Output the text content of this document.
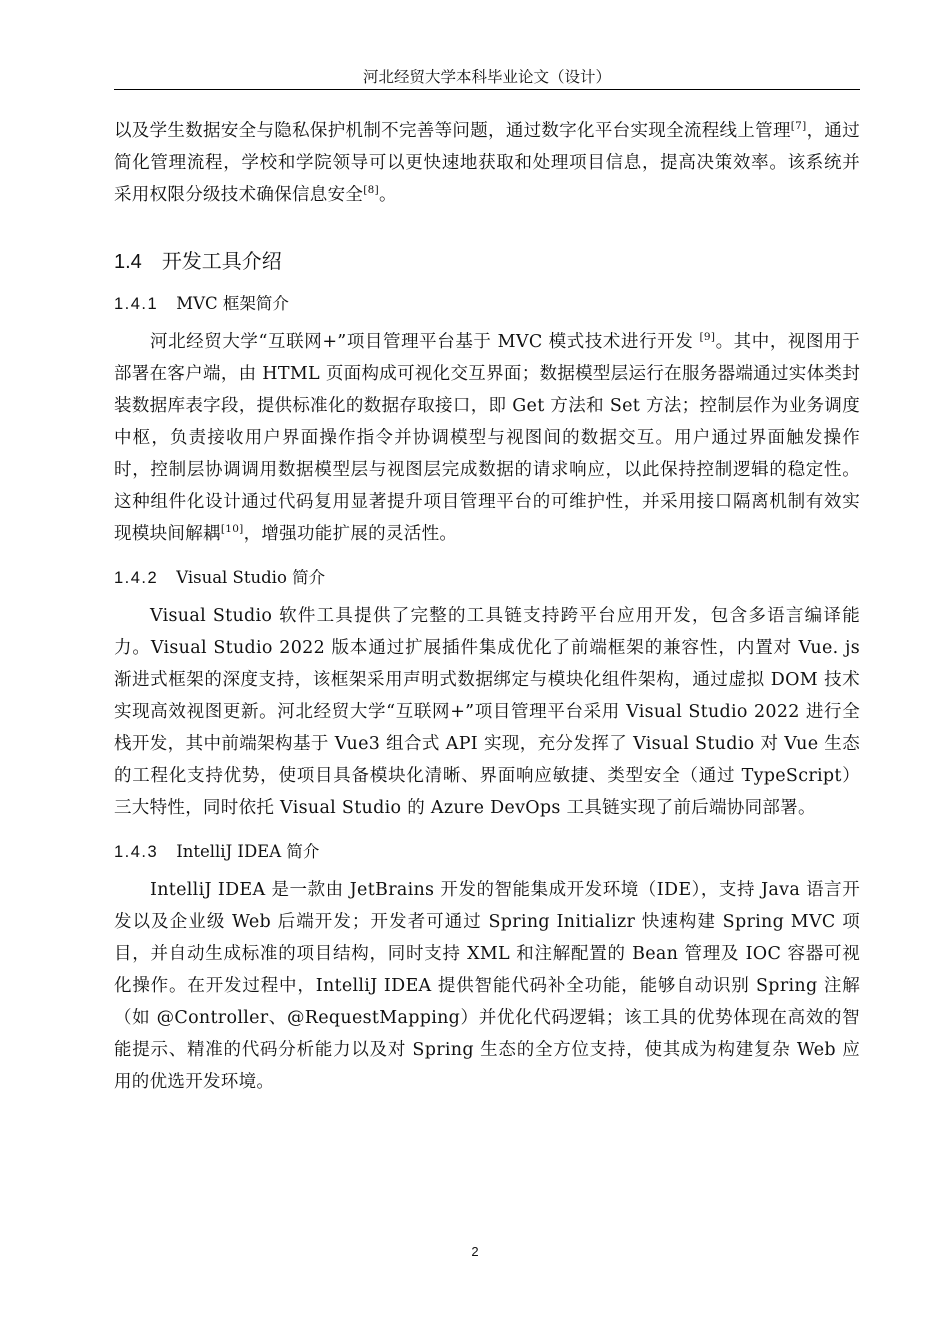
河北经贸大学本科毕业论文（设计）

以及学生数据安全与隐私保护机制不完善等问题，通过数字化平台实现全流程线上管理[7]，通过简化管理流程，学校和学院领导可以更快速地获取和处理项目信息，提高决策效率。该系统并采用权限分级技术确保信息安全[8]。

1.4 开发工具介绍
1.4.1 MVC 框架简介

河北经贸大学“互联网+”项目管理平台基于 MVC 模式技术进行开发 [9]。其中，视图用于部署在客户端，由 HTML 页面构成可视化交互界面；数据模型层运行在服务器端通过实体类封装数据库表字段，提供标准化的数据存取接口，即 Get 方法和 Set 方法；控制层作为业务调度中枢，负责接收用户界面操作指令并协调模型与视图间的数据交互。用户通过界面触发操作时，控制层协调调用数据模型层与视图层完成数据的请求响应，以此保持控制逻辑的稳定性。这种组件化设计通过代码复用显著提升项目管理平台的可维护性，并采用接口隔离机制有效实现模块间解耦[10]，增强功能扩展的灵活性。

1.4.2 Visual Studio 简介

Visual Studio 软件工具提供了完整的工具链支持跨平台应用开发，包含多语言编译能力。Visual Studio 2022 版本通过扩展插件集成优化了前端框架的兼容性，内置对 Vue. js 渐进式框架的深度支持，该框架采用声明式数据绑定与模块化组件架构，通过虚拟 DOM 技术实现高效视图更新。河北经贸大学“互联网+”项目管理平台采用 Visual Studio 2022 进行全栈开发，其中前端架构基于 Vue3 组合式 API 实现，充分发挥了 Visual Studio 对 Vue 生态的工程化支持优势，使项目具备模块化清晰、界面响应敏捷、类型安全（通过 TypeScript）三大特性，同时依托 Visual Studio 的 Azure DevOps 工具链实现了前后端协同部署。

1.4.3 IntelliJ IDEA 简介

IntelliJ IDEA 是一款由 JetBrains 开发的智能集成开发环境（IDE），支持 Java 语言开发以及企业级 Web 后端开发；开发者可通过 Spring Initializr 快速构建 Spring MVC 项目，并自动生成标准的项目结构，同时支持 XML 和注解配置的 Bean 管理及 IOC 容器可视化操作。在开发过程中，IntelliJ IDEA 提供智能代码补全功能，能够自动识别 Spring 注解（如 @Controller、@RequestMapping）并优化代码逻辑；该工具的优势体现在高效的智能提示、精准的代码分析能力以及对 Spring 生态的全方位支持，使其成为构建复杂 Web 应用的优选开发环境。

2
